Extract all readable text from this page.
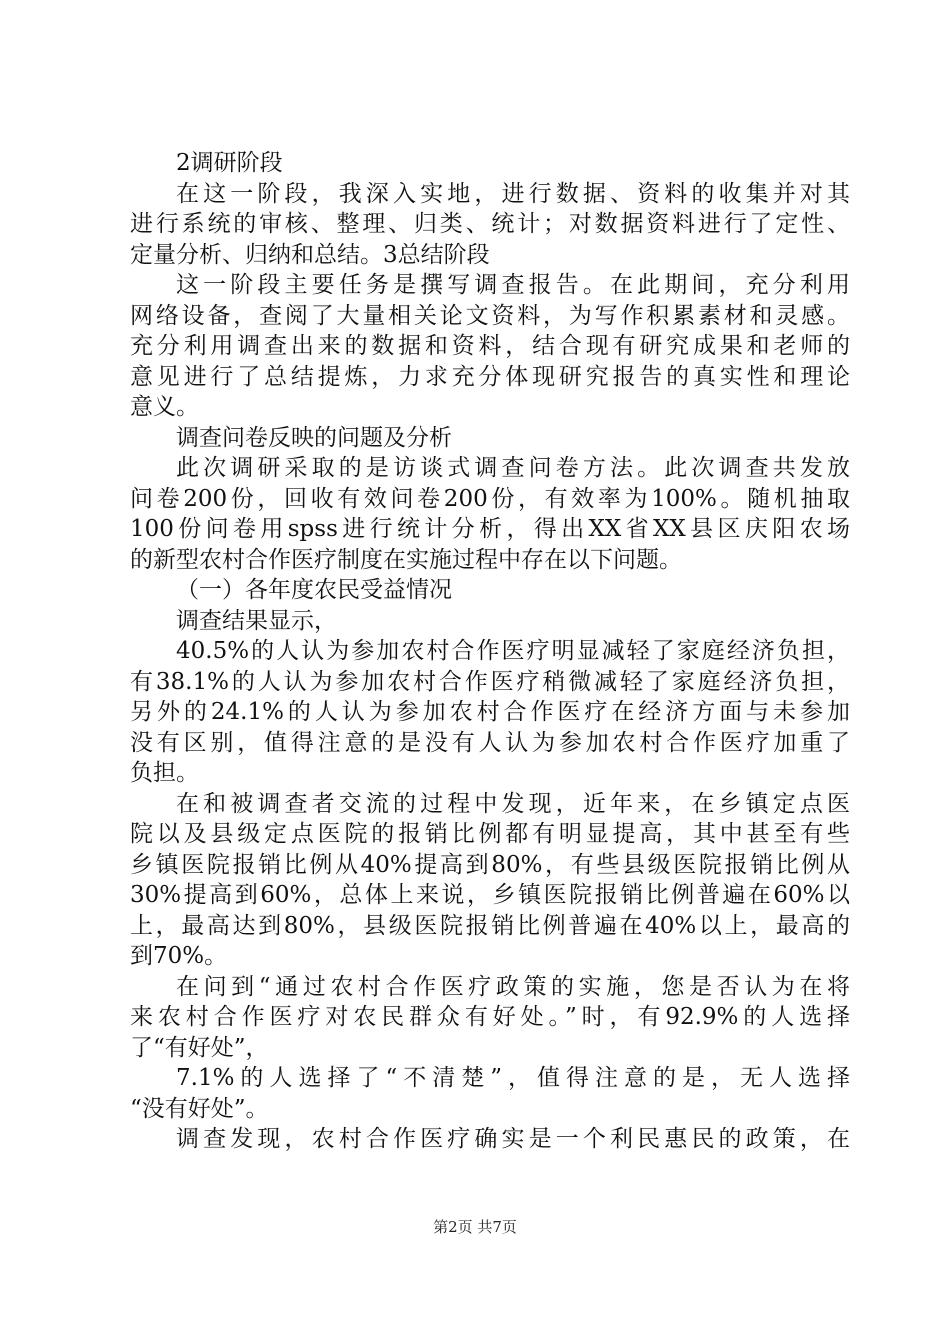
2调研阶段
在这一阶段，我深入实地，进行数据、资料的收集并对其
进行系统的审核、整理、归类、统计；对数据资料进行了定性、
定量分析、归纳和总结。3总结阶段
这一阶段主要任务是撰写调查报告。在此期间，充分利用
网络设备，查阅了大量相关论文资料，为写作积累素材和灵感。
充分利用调查出来的数据和资料，结合现有研究成果和老师的
意见进行了总结提炼，力求充分体现研究报告的真实性和理论
意义。
调查问卷反映的问题及分析
此次调研采取的是访谈式调查问卷方法。此次调查共发放
问卷200份，回收有效问卷200份，有效率为100%。随机抽取
100份问卷用spss进行统计分析，得出XX省XX县区庆阳农场
的新型农村合作医疗制度在实施过程中存在以下问题。
（一）各年度农民受益情况
调查结果显示，
40.5%的人认为参加农村合作医疗明显减轻了家庭经济负担，
有38.1%的人认为参加农村合作医疗稍微减轻了家庭经济负担，
另外的24.1%的人认为参加农村合作医疗在经济方面与未参加
没有区别，值得注意的是没有人认为参加农村合作医疗加重了
负担。
在和被调查者交流的过程中发现，近年来，在乡镇定点医
院以及县级定点医院的报销比例都有明显提高，其中甚至有些
乡镇医院报销比例从40%提高到80%，有些县级医院报销比例从
30%提高到60%，总体上来说，乡镇医院报销比例普遍在60%以
上，最高达到80%，县级医院报销比例普遍在40%以上，最高的
到70%。
在问到“通过农村合作医疗政策的实施，您是否认为在将
来农村合作医疗对农民群众有好处。”时，有92.9%的人选择
了“有好处”，
7.1%的人选择了“不清楚”，值得注意的是，无人选择
“没有好处”。
调查发现，农村合作医疗确实是一个利民惠民的政策，在
第2页 共7页
